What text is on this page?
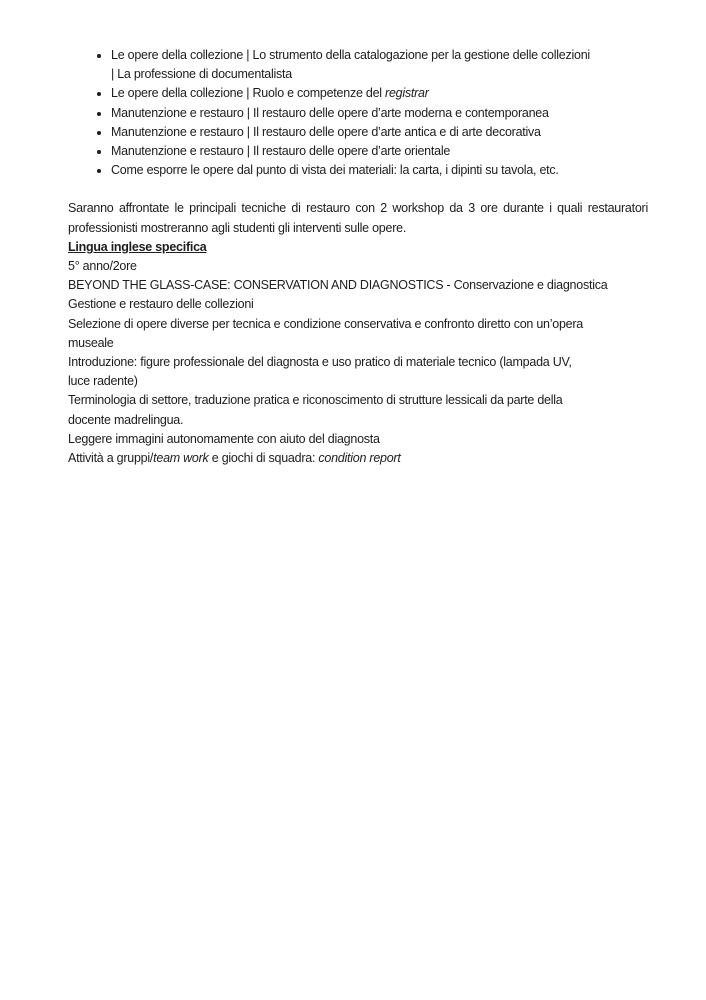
• Le opere della collezione | Lo strumento della catalogazione per la gestione delle collezioni
| La professione di documentalista
• Le opere della collezione | Ruolo e competenze del registrar
• Manutenzione e restauro | Il restauro delle opere d’arte moderna e contemporanea
• Manutenzione e restauro | Il restauro delle opere d’arte antica e di arte decorativa
• Manutenzione e restauro | Il restauro delle opere d’arte orientale
• Come esporre le opere dal punto di vista dei materiali: la carta, i dipinti su tavola, etc.

Saranno affrontate le principali tecniche di restauro con 2 workshop da 3 ore durante i quali restauratori professionisti mostreranno agli studenti gli interventi sulle opere.

Lingua inglese specifica

5° anno/2ore

BEYOND THE GLASS-CASE: CONSERVATION AND DIAGNOSTICS - Conservazione e diagnostica

Gestione e restauro delle collezioni

Selezione di opere diverse per tecnica e condizione conservativa e confronto diretto con un’opera
museale

Introduzione: figure professionale del diagnosta e uso pratico di materiale tecnico (lampada UV,
luce radente)

Terminologia di settore, traduzione pratica e riconoscimento di strutture lessicali da parte della
docente madrelingua.

Leggere immagini autonomamente con aiuto del diagnosta

Attività a gruppi/team work e giochi di squadra: condition report
